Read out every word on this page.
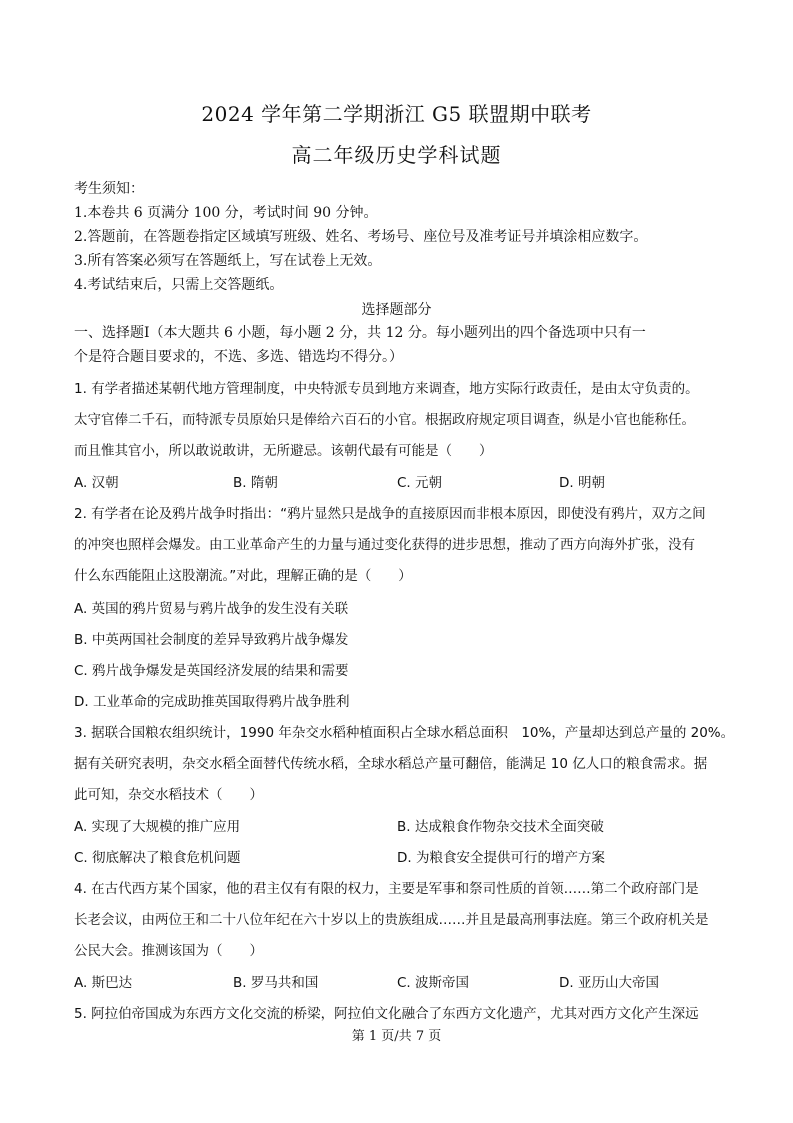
2024 学年第二学期浙江 G5 联盟期中联考
高二年级历史学科试题
考生须知：
1.本卷共 6 页满分 100 分，考试时间 90 分钟。
2.答题前，在答题卷指定区域填写班级、姓名、考场号、座位号及准考证号并填涂相应数字。
3.所有答案必须写在答题纸上，写在试卷上无效。
4.考试结束后，只需上交答题纸。
选择题部分
一、选择题Ⅰ（本大题共 6 小题，每小题 2 分，共 12 分。每小题列出的四个备选项中只有一
个是符合题目要求的，不选、多选、错选均不得分。）
1. 有学者描述某朝代地方管理制度，中央特派专员到地方来调查，地方实际行政责任，是由太守负责的。
太守官俸二千石，而特派专员原始只是俸给六百石的小官。根据政府规定项目调查，纵是小官也能称任。
而且惟其官小，所以敢说敢讲，无所避忌。该朝代最有可能是（　　）
A. 汉朝	B. 隋朝	C. 元朝	D. 明朝
2. 有学者在论及鸦片战争时指出：“鸦片显然只是战争的直接原因而非根本原因，即使没有鸦片，双方之间
的冲突也照样会爆发。由工业革命产生的力量与通过变化获得的进步思想，推动了西方向海外扩张，没有
什么东西能阻止这股潮流。”对此，理解正确的是（　　）
A. 英国的鸦片贸易与鸦片战争的发生没有关联
B. 中英两国社会制度的差异导致鸦片战争爆发
C. 鸦片战争爆发是英国经济发展的结果和需要
D. 工业革命的完成助推英国取得鸦片战争胜利
3. 据联合国粮农组织统计，1990 年杂交水稻种植面积占全球水稻总面积　10%，产量却达到总产量的 20%。
据有关研究表明，杂交水稻全面替代传统水稻，全球水稻总产量可翻倍，能满足 10 亿人口的粮食需求。据
此可知，杂交水稻技术（　　）
A. 实现了大规模的推广应用	B. 达成粮食作物杂交技术全面突破
C. 彻底解决了粮食危机问题	D. 为粮食安全提供可行的增产方案
4. 在古代西方某个国家，他的君主仅有有限的权力，主要是军事和祭司性质的首领……第二个政府部门是
长老会议，由两位王和二十八位年纪在六十岁以上的贵族组成……并且是最高刑事法庭。第三个政府机关是
公民大会。推测该国为（　　）
A. 斯巴达	B. 罗马共和国	C. 波斯帝国	D. 亚历山大帝国
5. 阿拉伯帝国成为东西方文化交流的桥梁，阿拉伯文化融合了东西方文化遗产，尤其对西方文化产生深远
第 1 页/共 7 页
